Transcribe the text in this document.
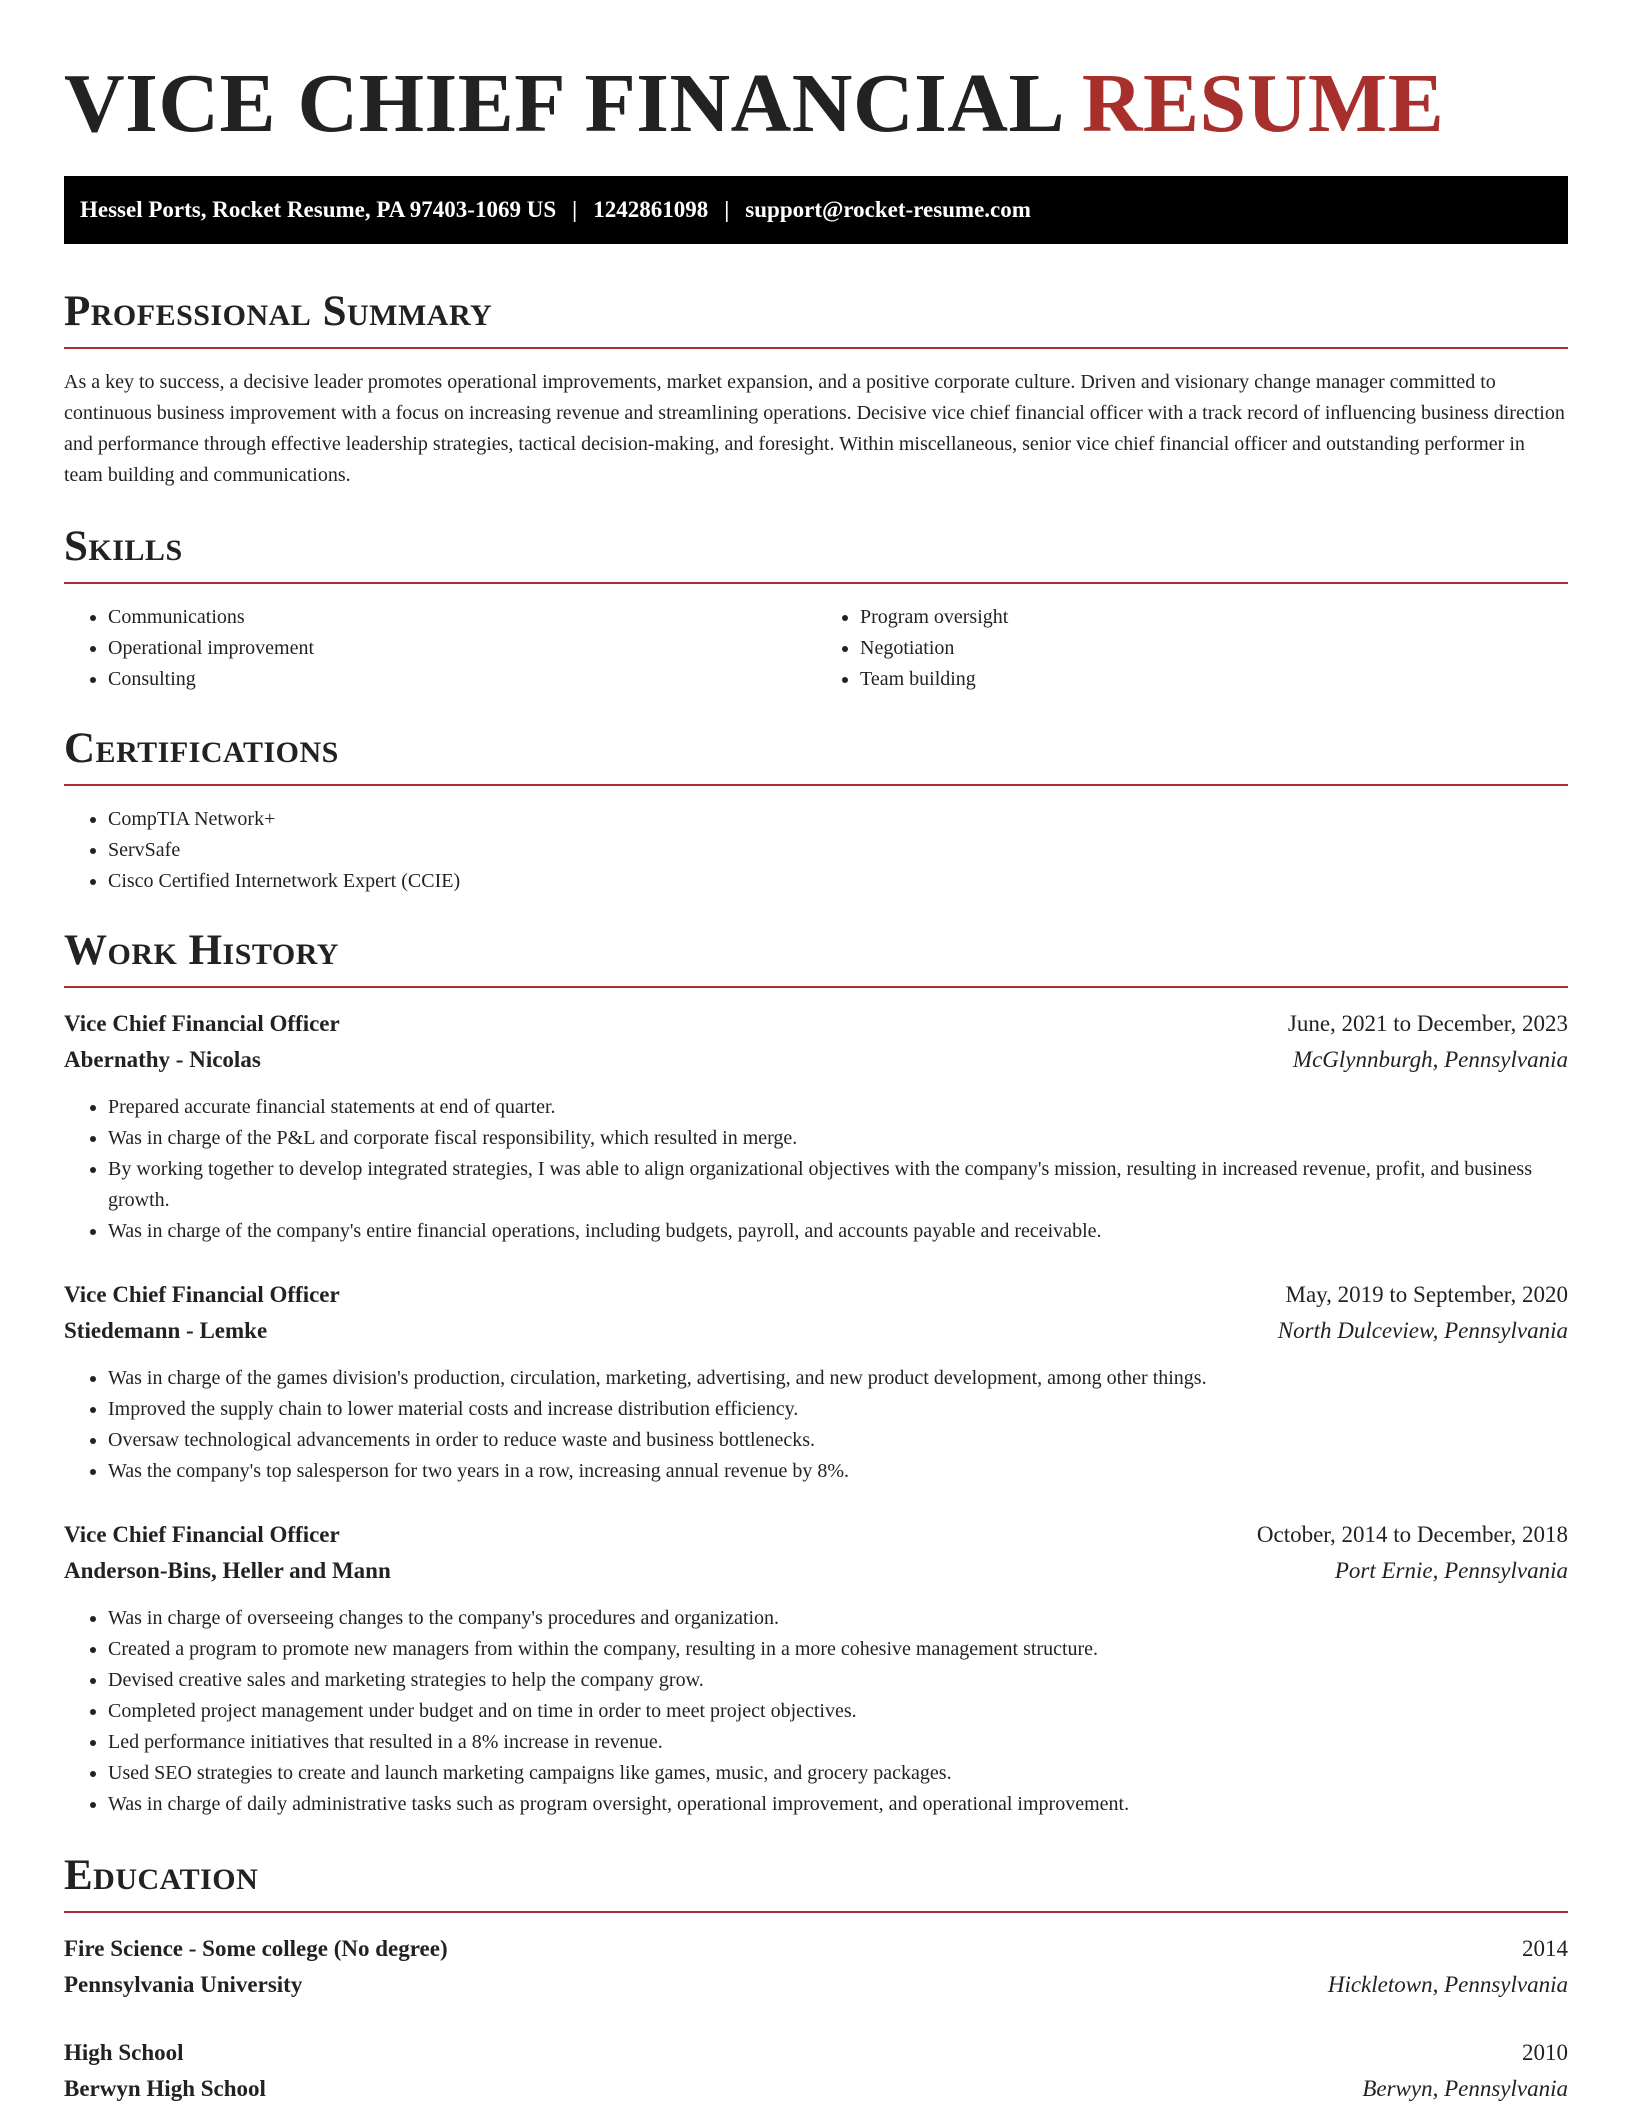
VICE CHIEF FINANCIAL RESUME
Hessel Ports, Rocket Resume, PA 97403-1069 US | 1242861098 | support@rocket-resume.com
Professional Summary

As a key to success, a decisive leader promotes operational improvements, market expansion, and a positive corporate culture. Driven and visionary change manager committed to continuous business improvement with a focus on increasing revenue and streamlining operations. Decisive vice chief financial officer with a track record of influencing business direction and performance through effective leadership strategies, tactical decision-making, and foresight. Within miscellaneous, senior vice chief financial officer and outstanding performer in team building and communications.

Skills
• Communications
• Operational improvement
• Consulting
• Program oversight
• Negotiation
• Team building
Certifications
• CompTIA Network+
• ServSafe
• Cisco Certified Internetwork Expert (CCIE)
Work History
Vice Chief Financial Officer	June, 2021 to December, 2023
Abernathy - Nicolas	McGlynnburgh, Pennsylvania
• Prepared accurate financial statements at end of quarter.
• Was in charge of the P&L and corporate fiscal responsibility, which resulted in merge.
• By working together to develop integrated strategies, I was able to align organizational objectives with the company's mission, resulting in increased revenue, profit, and business growth.
• Was in charge of the company's entire financial operations, including budgets, payroll, and accounts payable and receivable.
Vice Chief Financial Officer	May, 2019 to September, 2020
Stiedemann - Lemke	North Dulceview, Pennsylvania
• Was in charge of the games division's production, circulation, marketing, advertising, and new product development, among other things.
• Improved the supply chain to lower material costs and increase distribution efficiency.
• Oversaw technological advancements in order to reduce waste and business bottlenecks.
• Was the company's top salesperson for two years in a row, increasing annual revenue by 8%.
Vice Chief Financial Officer	October, 2014 to December, 2018
Anderson-Bins, Heller and Mann	Port Ernie, Pennsylvania
• Was in charge of overseeing changes to the company's procedures and organization.
• Created a program to promote new managers from within the company, resulting in a more cohesive management structure.
• Devised creative sales and marketing strategies to help the company grow.
• Completed project management under budget and on time in order to meet project objectives.
• Led performance initiatives that resulted in a 8% increase in revenue.
• Used SEO strategies to create and launch marketing campaigns like games, music, and grocery packages.
• Was in charge of daily administrative tasks such as program oversight, operational improvement, and operational improvement.
Education
Fire Science - Some college (No degree)	2014
Pennsylvania University	Hickletown, Pennsylvania
High School	2010
Berwyn High School	Berwyn, Pennsylvania
